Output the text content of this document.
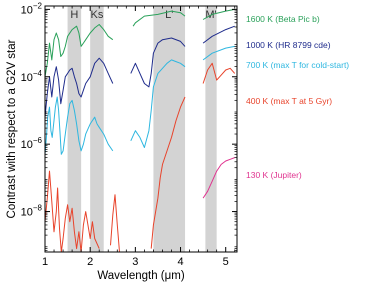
H Ks	L'	M'
1	2	3	4	5
$10^{-2}$
$10^{-4}$
$10^{-6}$
$10^{-8}$
1600 K (Beta Pic b)
1000 K (HR 8799 cde)
700 K (max T for cold-start)
400 K (max T at 5 Gyr)
130 K (Jupiter)
Wavelength (μm)
Contrast with respect to a G2V star
